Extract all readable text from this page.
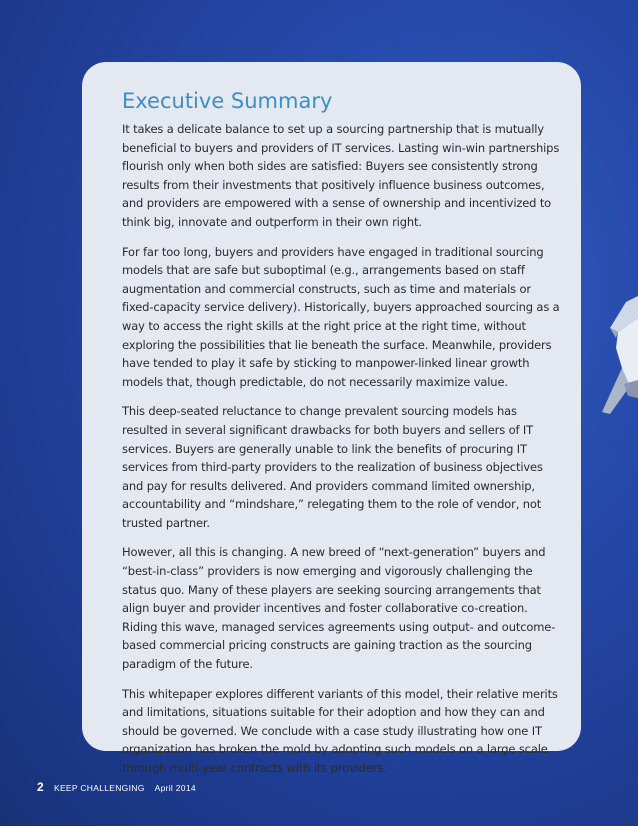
Executive Summary

It takes a delicate balance to set up a sourcing partnership that is mutually beneficial to buyers and providers of IT services. Lasting win-win partnerships flourish only when both sides are satisfied: Buyers see consistently strong results from their investments that positively influence business outcomes, and providers are empowered with a sense of ownership and incentivized to think big, innovate and outperform in their own right.

For far too long, buyers and providers have engaged in traditional sourcing models that are safe but suboptimal (e.g., arrangements based on staff augmentation and commercial constructs, such as time and materials or fixed-capacity service delivery). Historically, buyers approached sourcing as a way to access the right skills at the right price at the right time, without exploring the possibilities that lie beneath the surface. Meanwhile, providers have tended to play it safe by sticking to manpower-linked linear growth models that, though predictable, do not necessarily maximize value.

This deep-seated reluctance to change prevalent sourcing models has resulted in several significant drawbacks for both buyers and sellers of IT services. Buyers are generally unable to link the benefits of procuring IT services from third-party providers to the realization of business objectives and pay for results delivered. And providers command limited ownership, accountability and “mindshare,” relegating them to the role of vendor, not trusted partner.

However, all this is changing. A new breed of “next-generation” buyers and “best-in-class” providers is now emerging and vigorously challenging the status quo. Many of these players are seeking sourcing arrangements that align buyer and provider incentives and foster collaborative co-creation. Riding this wave, managed services agreements using output- and outcome-based commercial pricing constructs are gaining traction as the sourcing paradigm of the future.

This whitepaper explores different variants of this model, their relative merits and limitations, situations suitable for their adoption and how they can and should be governed. We conclude with a case study illustrating how one IT organization has broken the mold by adopting such models on a large scale through multi-year contracts with its providers.

2 KEEP CHALLENGING April 2014
